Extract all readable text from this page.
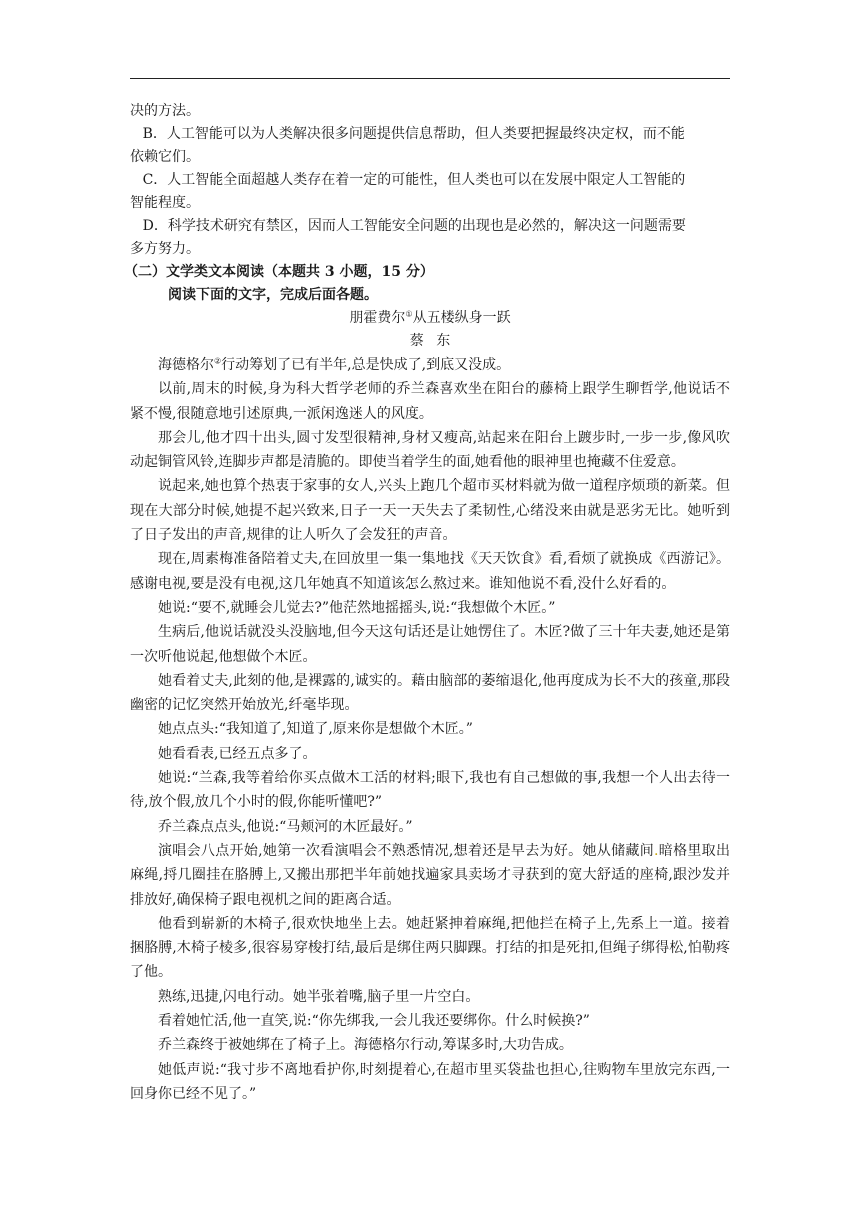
决的方法。

B．人工智能可以为人类解决很多问题提供信息帮助，但人类要把握最终决定权，而不能

依赖它们。

C．人工智能全面超越人类存在着一定的可能性，但人类也可以在发展中限定人工智能的

智能程度。

D．科学技术研究有禁区，因而人工智能安全问题的出现也是必然的，解决这一问题需要

多方努力。

（二）文学类文本阅读（本题共 3 小题，15 分）
阅读下面的文字，完成后面各题。
朋霍费尔①从五楼纵身一跃
蔡东

海德格尔②行动筹划了已有半年,总是快成了,到底又没成。

以前,周末的时候,身为科大哲学老师的乔兰森喜欢坐在阳台的藤椅上跟学生聊哲学,他说话不紧不慢,很随意地引述原典,一派闲逸迷人的风度。

那会儿,他才四十出头,圆寸发型很精神,身材又瘦高,站起来在阳台上踱步时,一步一步,像风吹动起铜管风铃,连脚步声都是清脆的。即使当着学生的面,她看他的眼神里也掩藏不住爱意。

说起来,她也算个热衷于家事的女人,兴头上跑几个超市买材料就为做一道程序烦琐的新菜。但现在大部分时候,她提不起兴致来,日子一天一天失去了柔韧性,心绪没来由就是恶劣无比。她听到了日子发出的声音,规律的让人听久了会发狂的声音。

现在,周素梅准备陪着丈夫,在回放里一集一集地找《天天饮食》看,看烦了就换成《西游记》。感谢电视,要是没有电视,这几年她真不知道该怎么熬过来。谁知他说不看,没什么好看的。

她说:“要不,就睡会儿觉去?”他茫然地摇摇头,说:“我想做个木匠。”

生病后,他说话就没头没脑地,但今天这句话还是让她愣住了。木匠?做了三十年夫妻,她还是第一次听他说起,他想做个木匠。

她看着丈夫,此刻的他,是裸露的,诚实的。藉由脑部的萎缩退化,他再度成为长不大的孩童,那段幽密的记忆突然开始放光,纤毫毕现。

她点点头:“我知道了,知道了,原来你是想做个木匠。”

她看看表,已经五点多了。

她说:“兰森,我等着给你买点做木工活的材料;眼下,我也有自己想做的事,我想一个人出去待一待,放个假,放几个小时的假,你能听懂吧?”

乔兰森点点头,他说:“马颊河的木匠最好。”

演唱会八点开始,她第一次看演唱会不熟悉情况,想着还是早去为好。她从储藏间.暗格里取出麻绳,捋几圈挂在胳膊上,又搬出那把半年前她找遍家具卖场才寻获到的宽大舒适的座椅,跟沙发并排放好,确保椅子跟电视机之间的距离合适。

他看到崭新的木椅子,很欢快地坐上去。她赶紧抻着麻绳,把他拦在椅子上,先系上一道。接着捆胳膊,木椅子棱多,很容易穿梭打结,最后是绑住两只脚踝。打结的扣是死扣,但绳子绑得松,怕勒疼了他。

熟练,迅捷,闪电行动。她半张着嘴,脑子里一片空白。

看着她忙活,他一直笑,说:“你先绑我,一会儿我还要绑你。什么时候换?”

乔兰森终于被她绑在了椅子上。海德格尔行动,筹谋多时,大功告成。

她低声说:“我寸步不离地看护你,时刻提着心,在超市里买袋盐也担心,往购物车里放完东西,一回身你已经不见了。”
